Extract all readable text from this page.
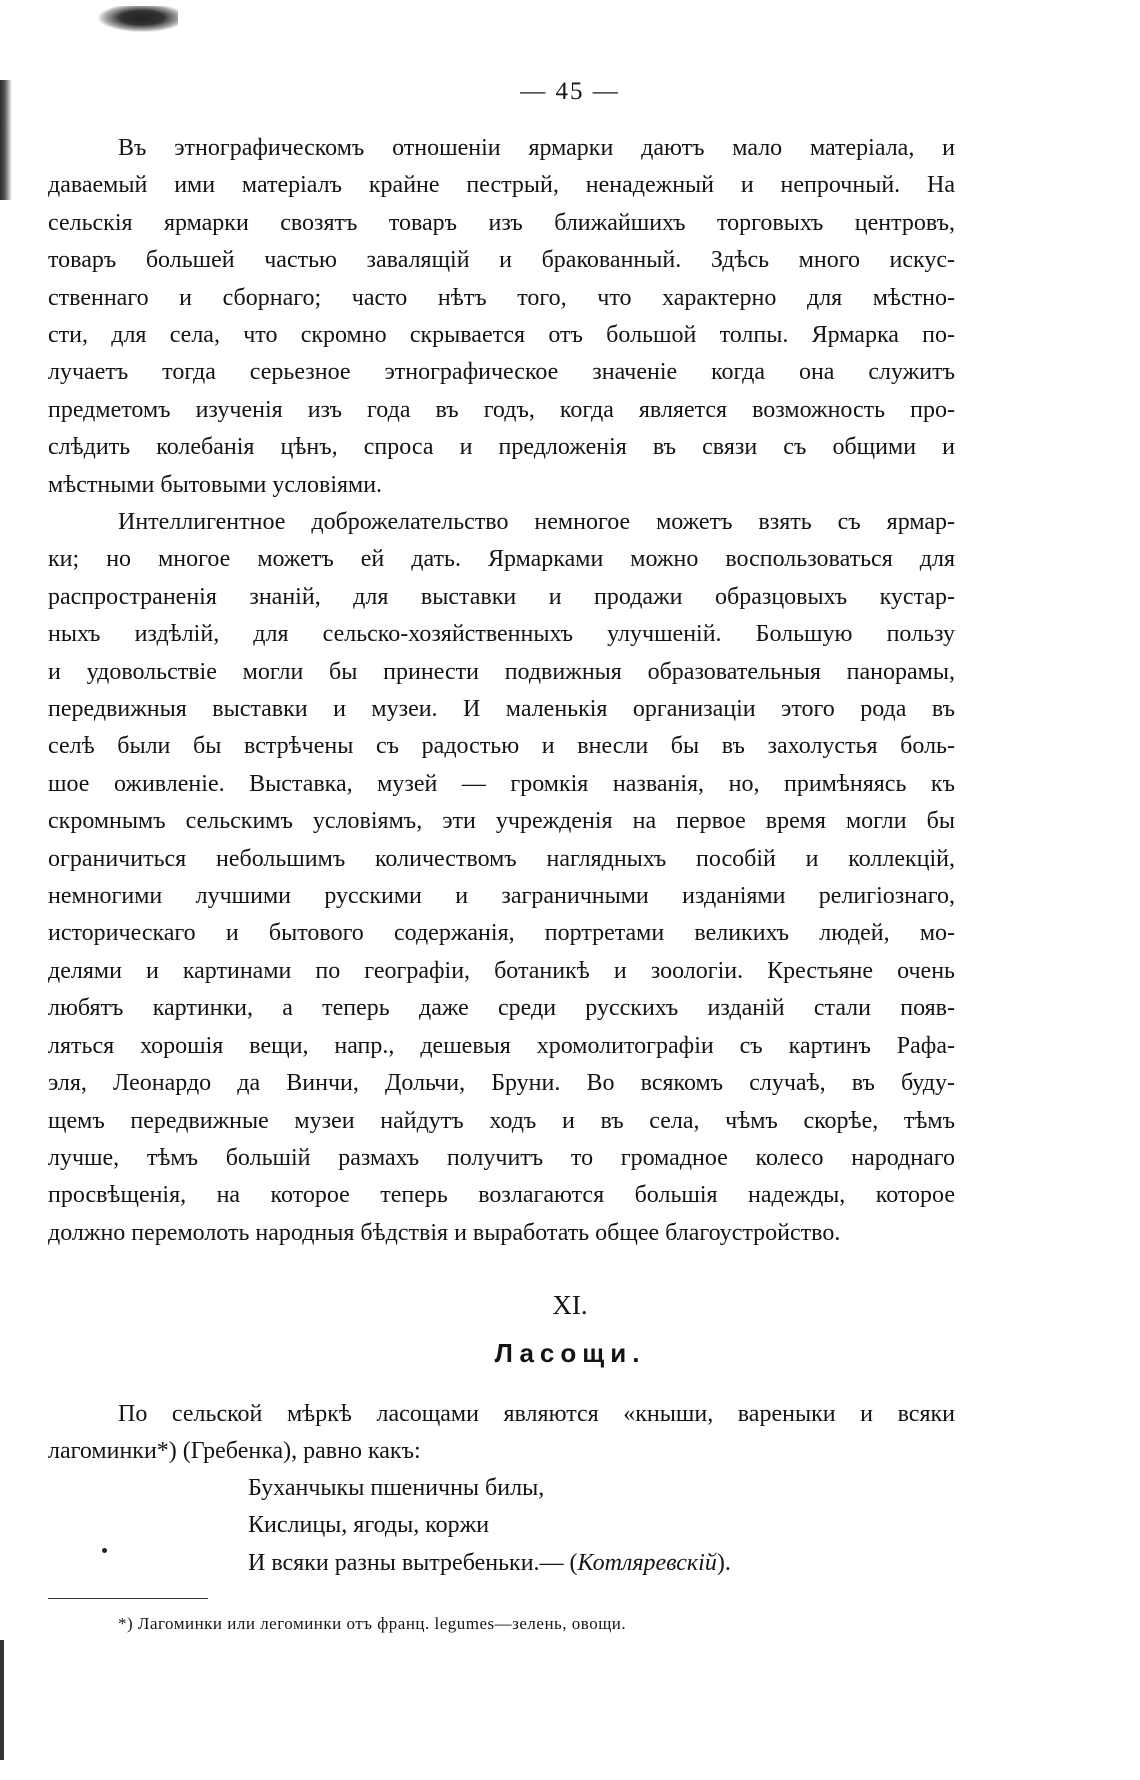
— 45 —

Въ этнографическомъ отношеніи ярмарки даютъ мало матеріала, и

даваемый ими матеріалъ крайне пестрый, ненадежный и непрочный. На

сельскія ярмарки свозятъ товаръ изъ ближайшихъ торговыхъ центровъ,

товаръ большей частью завалящій и бракованный. Здѣсь много искус-

ственнаго и сборнаго; часто нѣтъ того, что характерно для мѣстно-

сти, для села, что скромно скрывается отъ большой толпы. Ярмарка по-

лучаетъ тогда серьезное этнографическое значеніе когда она служитъ

предметомъ изученія изъ года въ годъ, когда является возможность про-

слѣдить колебанія цѣнъ, спроса и предложенія въ связи съ общими и

мѣстными бытовыми условіями.

Интеллигентное доброжелательство немногое можетъ взять съ ярмар-

ки; но многое можетъ ей дать. Ярмарками можно воспользоваться для

распространенія знаній, для выставки и продажи образцовыхъ кустар-

ныхъ издѣлій, для сельско-хозяйственныхъ улучшеній. Большую пользу

и удовольствіе могли бы принести подвижныя образовательныя панорамы,

передвижныя выставки и музеи. И маленькія организаціи этого рода въ

селѣ были бы встрѣчены съ радостью и внесли бы въ захолустья боль-

шое оживленіе. Выставка, музей — громкія названія, но, примѣняясь къ

скромнымъ сельскимъ условіямъ, эти учрежденія на первое время могли бы

ограничиться небольшимъ количествомъ наглядныхъ пособій и коллекцій,

немногими лучшими русскими и заграничными изданіями религіознаго,

историческаго и бытового содержанія, портретами великихъ людей, мо-

делями и картинами по географіи, ботаникѣ и зоологіи. Крестьяне очень

любятъ картинки, а теперь даже среди русскихъ изданій стали появ-

ляться хорошія вещи, напр., дешевыя хромолитографіи съ картинъ Рафа-

эля, Леонардо да Винчи, Дольчи, Бруни. Во всякомъ случаѣ, въ буду-

щемъ передвижные музеи найдутъ ходъ и въ села, чѣмъ скорѣе, тѣмъ

лучше, тѣмъ большій размахъ получитъ то громадное колесо народнаго

просвѣщенія, на которое теперь возлагаются большія надежды, которое

должно перемолоть народныя бѣдствія и выработать общее благоустройство.

XI.
Ласощи.

По сельской мѣркѣ ласощами являются «кныши, вареныки и всяки

лагоминки*) (Гребенка), равно какъ:

Буханчыкы пшеничны билы,
Кислицы, ягоды, коржи
И всяки разны вытребеньки.— (Котляревскій).
*) Лагоминки или легоминки отъ франц. legumes—зелень, овощи.
